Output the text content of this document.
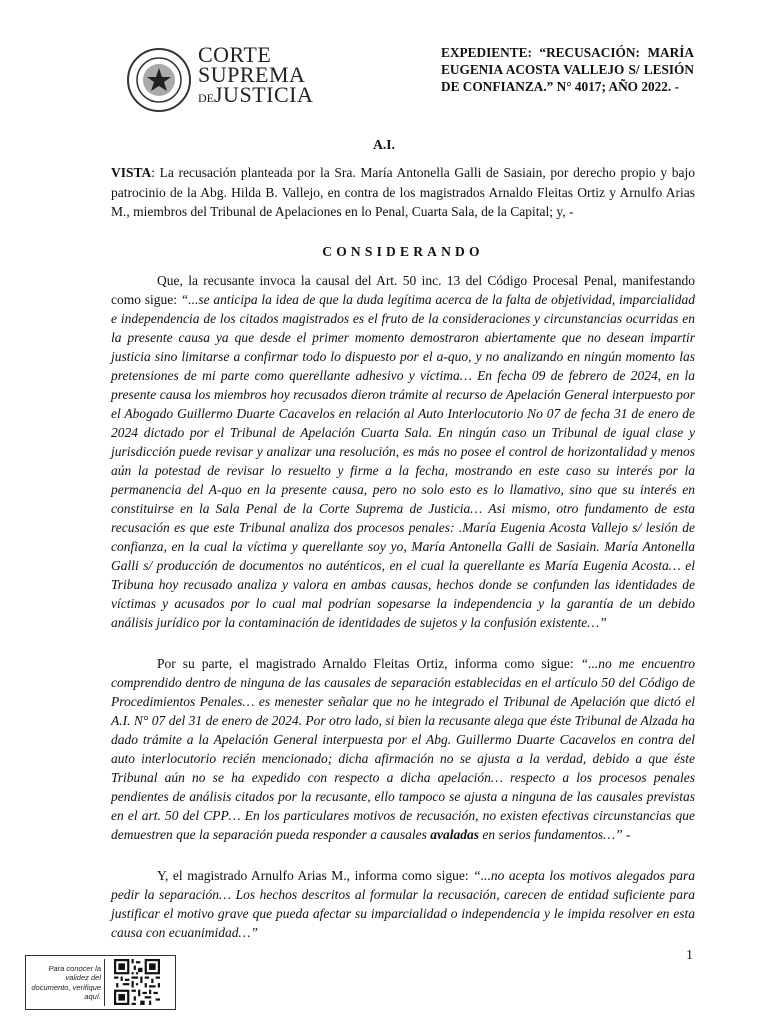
CORTE
SUPREMA
DEJUSTICIA
EXPEDIENTE: “RECUSACIÓN: MARÍA EUGENIA ACOSTA VALLEJO S/ LESIÓN DE CONFIANZA.” N° 4017; AÑO 2022. -
A.I.
VISTA: La recusación planteada por la Sra. María Antonella Galli de Sasiain, por derecho propio y bajo patrocinio de la Abg. Hilda B. Vallejo, en contra de los magistrados Arnaldo Fleitas Ortiz y Arnulfo Arias M., miembros del Tribunal de Apelaciones en lo Penal, Cuarta Sala, de la Capital; y, -
CONSIDERANDO
Que, la recusante invoca la causal del Art. 50 inc. 13 del Código Procesal Penal, manifestando como sigue: “...se anticipa la idea de que la duda legítima acerca de la falta de objetividad, imparcialidad e independencia de los citados magistrados es el fruto de la consideraciones y circunstancias ocurridas en la presente causa ya que desde el primer momento demostraron abiertamente que no desean impartir justicia sino limitarse a confirmar todo lo dispuesto por el a-quo, y no analizando en ningún momento las pretensiones de mi parte como querellante adhesivo y víctima… En fecha 09 de febrero de 2024, en la presente causa los miembros hoy recusados dieron trámite al recurso de Apelación General interpuesto por el Abogado Guillermo Duarte Cacavelos en relación al Auto Interlocutorio No 07 de fecha 31 de enero de 2024 dictado por el Tribunal de Apelación Cuarta Sala. En ningún caso un Tribunal de igual clase y jurisdicción puede revisar y analizar una resolución, es más no posee el control de horizontalidad y menos aún la potestad de revisar lo resuelto y firme a la fecha, mostrando en este caso su interés por la permanencia del A-quo en la presente causa, pero no solo esto es lo llamativo, sino que su interés en constituirse en la Sala Penal de la Corte Suprema de Justicia… Asi mismo, otro fundamento de esta recusación es que este Tribunal analiza dos procesos penales: .María Eugenia Acosta Vallejo s/ lesión de confianza, en la cual la víctima y querellante soy yo, María Antonella Galli de Sasiain. María Antonella Galli s/ producción de documentos no auténticos, en el cual la querellante es María Eugenia Acosta… el Tribuna hoy recusado analiza y valora en ambas causas, hechos donde se confunden las identidades de víctimas y acusados por lo cual mal podrían sopesarse la independencia y la garantía de un debido análisis jurídico por la contaminación de identidades de sujetos y la confusión existente…”
Por su parte, el magistrado Arnaldo Fleitas Ortiz, informa como sigue: “...no me encuentro comprendido dentro de ninguna de las causales de separación establecidas en el artículo 50 del Código de Procedimientos Penales… es menester señalar que no he integrado el Tribunal de Apelación que dictó el A.I. N° 07 del 31 de enero de 2024. Por otro lado, si bien la recusante alega que éste Tribunal de Alzada ha dado trámite a la Apelación General interpuesta por el Abg. Guillermo Duarte Cacavelos en contra del auto interlocutorio recién mencionado; dicha afirmación no se ajusta a la verdad, debido a que éste Tribunal aún no se ha expedido con respecto a dicha apelación… respecto a los procesos penales pendientes de análisis citados por la recusante, ello tampoco se ajusta a ninguna de las causales previstas en el art. 50 del CPP… En los particulares motivos de recusación, no existen efectivas circunstancias que demuestren que la separación pueda responder a causales avaladas en serios fundamentos…” -
Y, el magistrado Arnulfo Arias M., informa como sigue: “...no acepta los motivos alegados para pedir la separación… Los hechos descritos al formular la recusación, carecen de entidad suficiente para justificar el motivo grave que pueda afectar su imparcialidad o independencia y le impida resolver en esta causa con ecuanimidad…”
1
Para conocer la validez del documento, verifique aquí.
